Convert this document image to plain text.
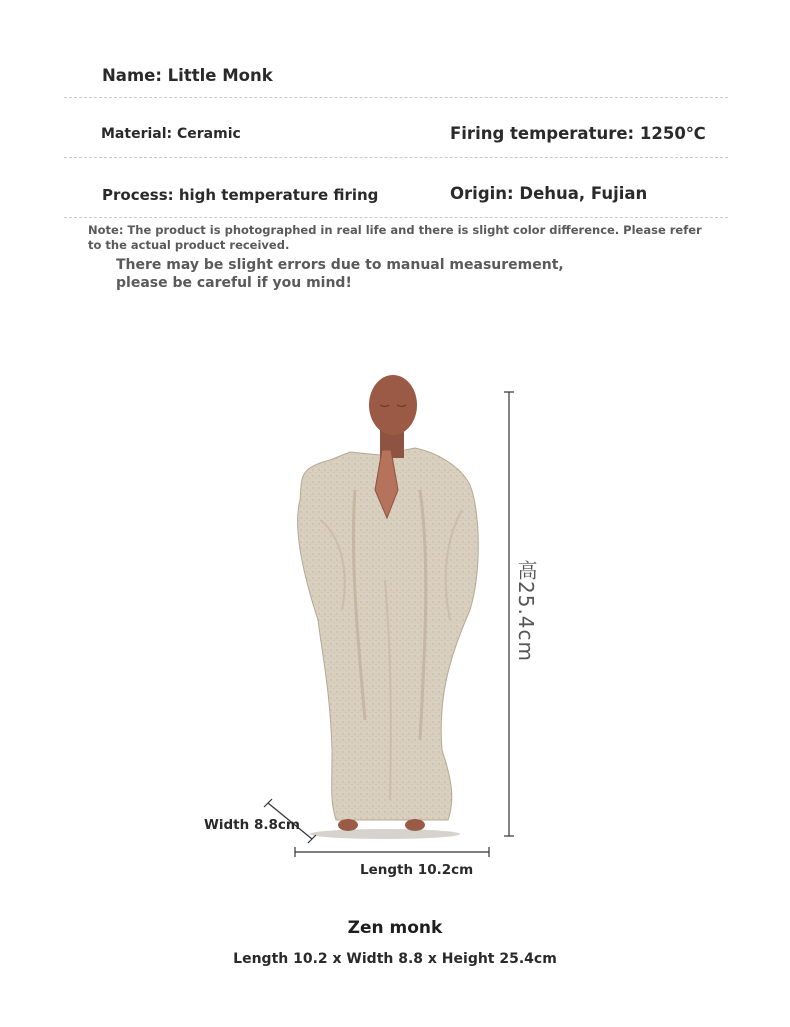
Name: Little Monk
Material: Ceramic	Firing temperature: 1250℃
Process: high temperature firing	Origin: Dehua, Fujian
Note: The product is photographed in real life and there is slight color difference. Please refer to the actual product received.
There may be slight errors due to manual measurement, please be careful if you mind!
高25.4cm
Width 8.8cm
Length 10.2cm
Zen monk
Length 10.2 x Width 8.8 x Height 25.4cm
